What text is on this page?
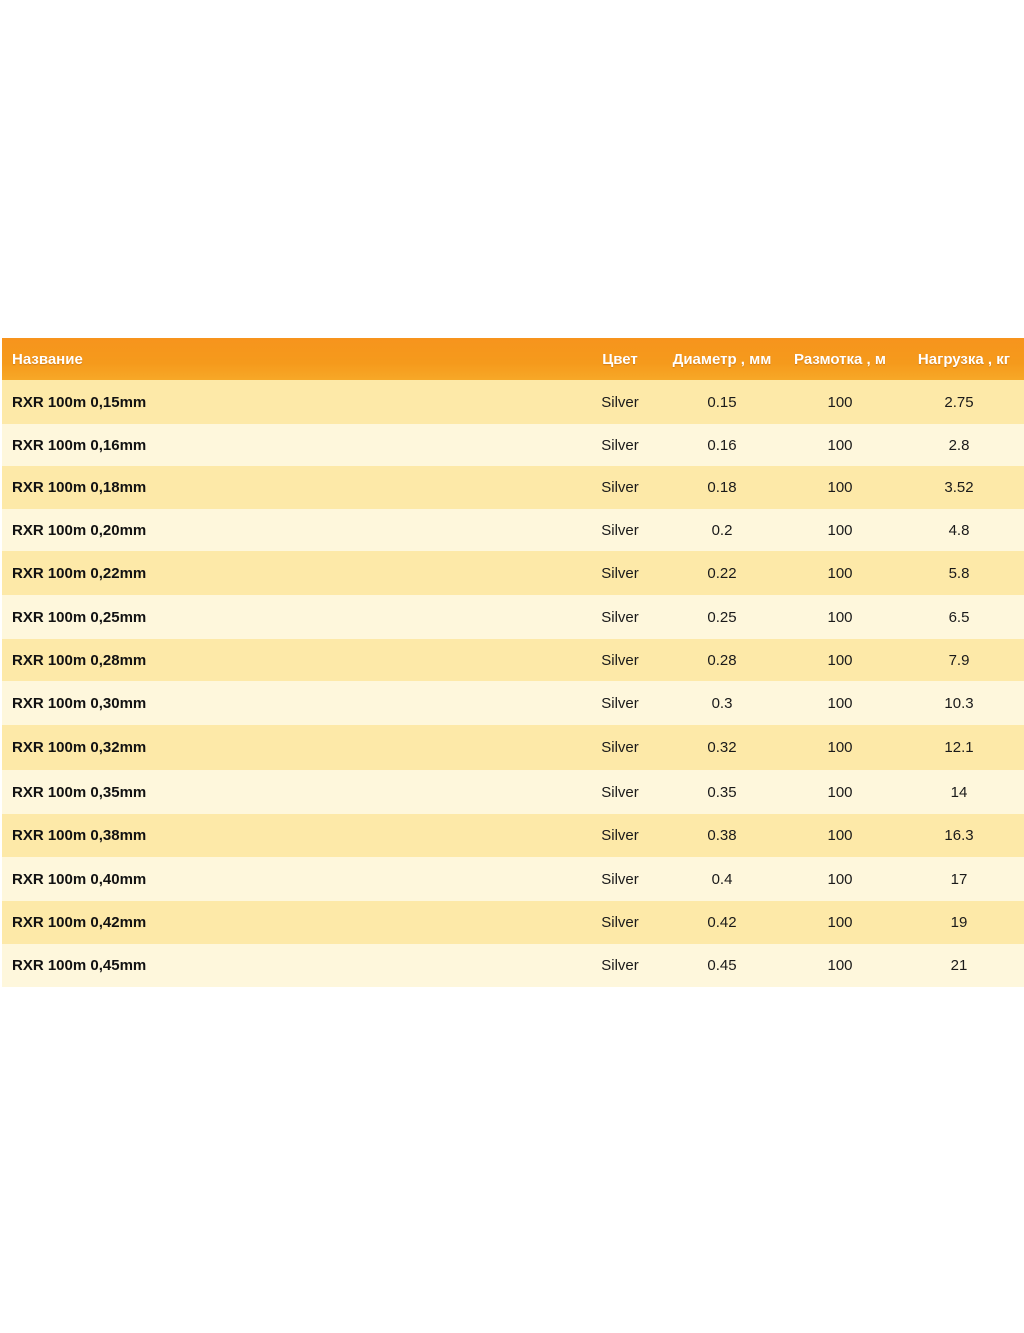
Название	Цвет	Диаметр , мм	Размотка , м	Нагрузка , кг
RXR 100m 0,15mm	Silver	0.15	100	2.75
RXR 100m 0,16mm	Silver	0.16	100	2.8
RXR 100m 0,18mm	Silver	0.18	100	3.52
RXR 100m 0,20mm	Silver	0.2	100	4.8
RXR 100m 0,22mm	Silver	0.22	100	5.8
RXR 100m 0,25mm	Silver	0.25	100	6.5
RXR 100m 0,28mm	Silver	0.28	100	7.9
RXR 100m 0,30mm	Silver	0.3	100	10.3
RXR 100m 0,32mm	Silver	0.32	100	12.1
RXR 100m 0,35mm	Silver	0.35	100	14
RXR 100m 0,38mm	Silver	0.38	100	16.3
RXR 100m 0,40mm	Silver	0.4	100	17
RXR 100m 0,42mm	Silver	0.42	100	19
RXR 100m 0,45mm	Silver	0.45	100	21
